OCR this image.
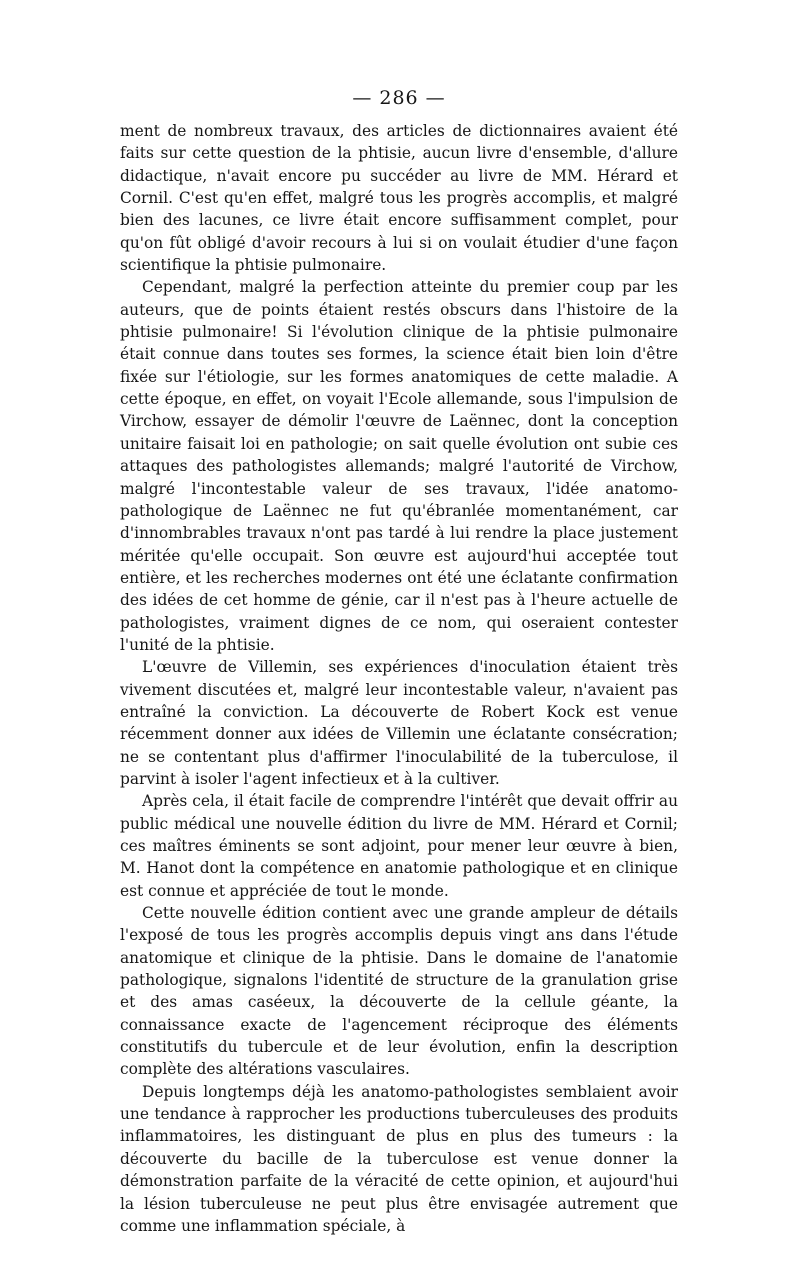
— 286 —

ment de nombreux travaux, des articles de dictionnaires avaient été faits sur cette question de la phtisie, aucun livre d'ensemble, d'allure didactique, n'avait encore pu succéder au livre de MM. Hérard et Cornil. C'est qu'en effet, malgré tous les progrès accomplis, et malgré bien des lacunes, ce livre était encore suffisamment complet, pour qu'on fût obligé d'avoir recours à lui si on voulait étudier d'une façon scientifique la phtisie pulmonaire.

Cependant, malgré la perfection atteinte du premier coup par les auteurs, que de points étaient restés obscurs dans l'histoire de la phtisie pulmonaire! Si l'évolution clinique de la phtisie pulmonaire était connue dans toutes ses formes, la science était bien loin d'être fixée sur l'étiologie, sur les formes anatomiques de cette maladie. A cette époque, en effet, on voyait l'Ecole allemande, sous l'impulsion de Virchow, essayer de démolir l'œuvre de Laënnec, dont la conception unitaire faisait loi en pathologie; on sait quelle évolution ont subie ces attaques des pathologistes allemands; malgré l'autorité de Virchow, malgré l'incontestable valeur de ses travaux, l'idée anatomo-pathologique de Laënnec ne fut qu'ébranlée momentanément, car d'innombrables travaux n'ont pas tardé à lui rendre la place justement méritée qu'elle occupait. Son œuvre est aujourd'hui acceptée tout entière, et les recherches modernes ont été une éclatante confirmation des idées de cet homme de génie, car il n'est pas à l'heure actuelle de pathologistes, vraiment dignes de ce nom, qui oseraient contester l'unité de la phtisie.

L'œuvre de Villemin, ses expériences d'inoculation étaient très vivement discutées et, malgré leur incontestable valeur, n'avaient pas entraîné la conviction. La découverte de Robert Kock est venue récemment donner aux idées de Villemin une éclatante consécration; ne se contentant plus d'affirmer l'inoculabilité de la tuberculose, il parvint à isoler l'agent infectieux et à la cultiver.

Après cela, il était facile de comprendre l'intérêt que devait offrir au public médical une nouvelle édition du livre de MM. Hérard et Cornil; ces maîtres éminents se sont adjoint, pour mener leur œuvre à bien, M. Hanot dont la compétence en anatomie pathologique et en clinique est connue et appréciée de tout le monde.

Cette nouvelle édition contient avec une grande ampleur de détails l'exposé de tous les progrès accomplis depuis vingt ans dans l'étude anatomique et clinique de la phtisie. Dans le domaine de l'anatomie pathologique, signalons l'identité de structure de la granulation grise et des amas caséeux, la découverte de la cellule géante, la connaissance exacte de l'agencement réciproque des éléments constitutifs du tubercule et de leur évolution, enfin la description complète des altérations vasculaires.

Depuis longtemps déjà les anatomo-pathologistes semblaient avoir une tendance à rapprocher les productions tuberculeuses des produits inflammatoires, les distinguant de plus en plus des tumeurs : la découverte du bacille de la tuberculose est venue donner la démonstration parfaite de la véracité de cette opinion, et aujourd'hui la lésion tuberculeuse ne peut plus être envisagée autrement que comme une inflammation spéciale, à
